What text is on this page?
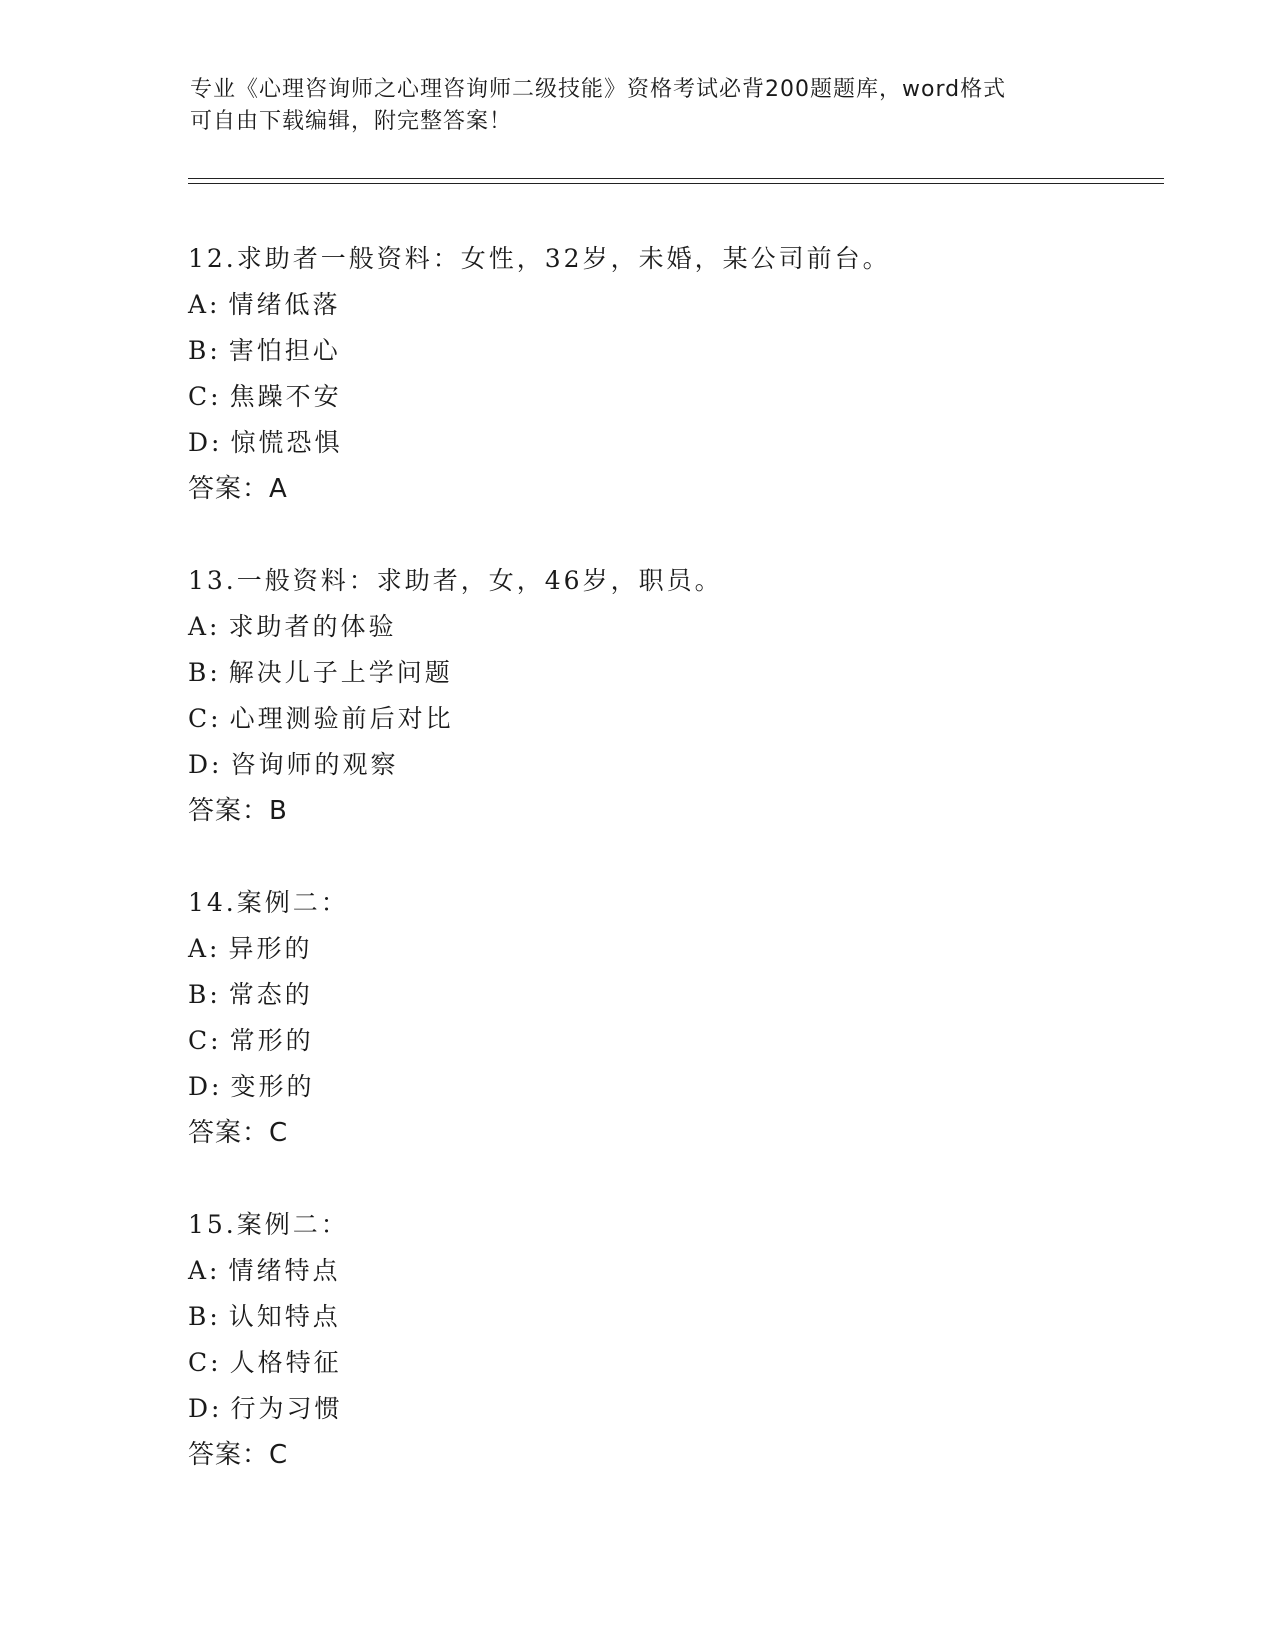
专业《心理咨询师之心理咨询师二级技能》资格考试必背200题题库，word格式
可自由下载编辑，附完整答案！
12.求助者一般资料：女性，32岁，未婚，某公司前台。
A: 情绪低落
B: 害怕担心
C: 焦躁不安
D: 惊慌恐惧
答案：A
13.一般资料：求助者，女，46岁，职员。
A: 求助者的体验
B: 解决儿子上学问题
C: 心理测验前后对比
D: 咨询师的观察
答案：B
14.案例二：
A: 异形的
B: 常态的
C: 常形的
D: 变形的
答案：C
15.案例二：
A: 情绪特点
B: 认知特点
C: 人格特征
D: 行为习惯
答案：C
